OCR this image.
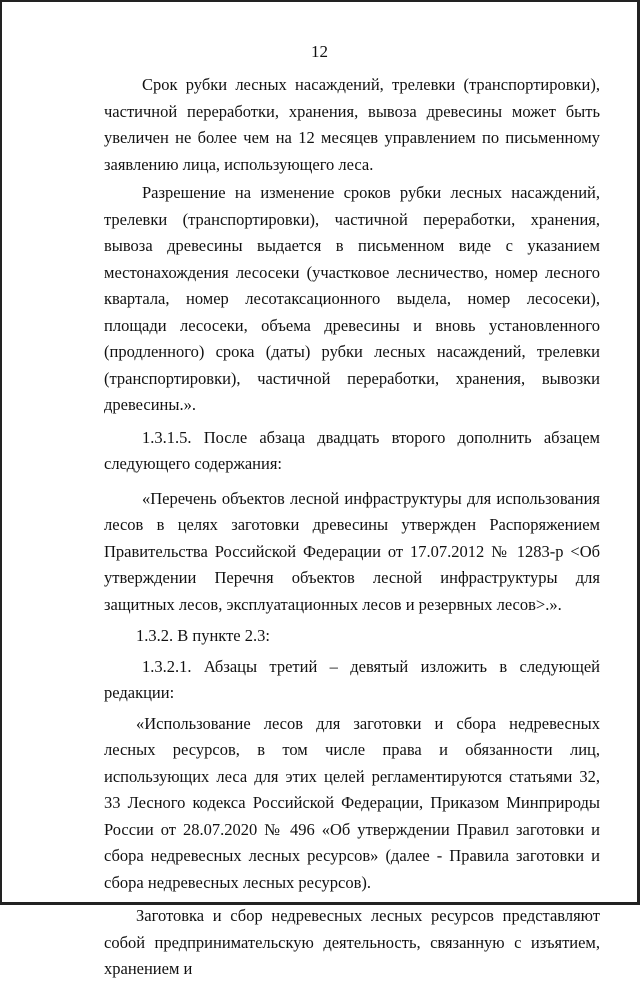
12

Срок рубки лесных насаждений, трелевки (транспортировки), частичной переработки, хранения, вывоза древесины может быть увеличен не более чем на 12 месяцев управлением по письменному заявлению лица, использующего леса.

Разрешение на изменение сроков рубки лесных насаждений, трелевки (транспортировки), частичной переработки, хранения, вывоза древесины выдается в письменном виде с указанием местонахождения лесосеки (участковое лесничество, номер лесного квартала, номер лесотаксационного выдела, номер лесосеки), площади лесосеки, объема древесины и вновь установленного (продленного) срока (даты) рубки лесных насаждений, трелевки (транспортировки), частичной переработки, хранения, вывозки древесины.».

1.3.1.5. После абзаца двадцать второго дополнить абзацем следующего содержания:

«Перечень объектов лесной инфраструктуры для использования лесов в целях заготовки древесины утвержден Распоряжением Правительства Российской Федерации от 17.07.2012 № 1283-р <Об утверждении Перечня объектов лесной инфраструктуры для защитных лесов, эксплуатационных лесов и резервных лесов>.».

1.3.2. В пункте 2.3:

1.3.2.1. Абзацы третий – девятый изложить в следующей редакции:

«Использование лесов для заготовки и сбора недревесных лесных ресурсов, в том числе права и обязанности лиц, использующих леса для этих целей регламентируются статьями 32, 33 Лесного кодекса Российской Федерации, Приказом Минприроды России от 28.07.2020 № 496 «Об утверждении Правил заготовки и сбора недревесных лесных ресурсов» (далее - Правила заготовки и сбора недревесных лесных ресурсов).

Заготовка и сбор недревесных лесных ресурсов представляют собой предпринимательскую деятельность, связанную с изъятием, хранением и
